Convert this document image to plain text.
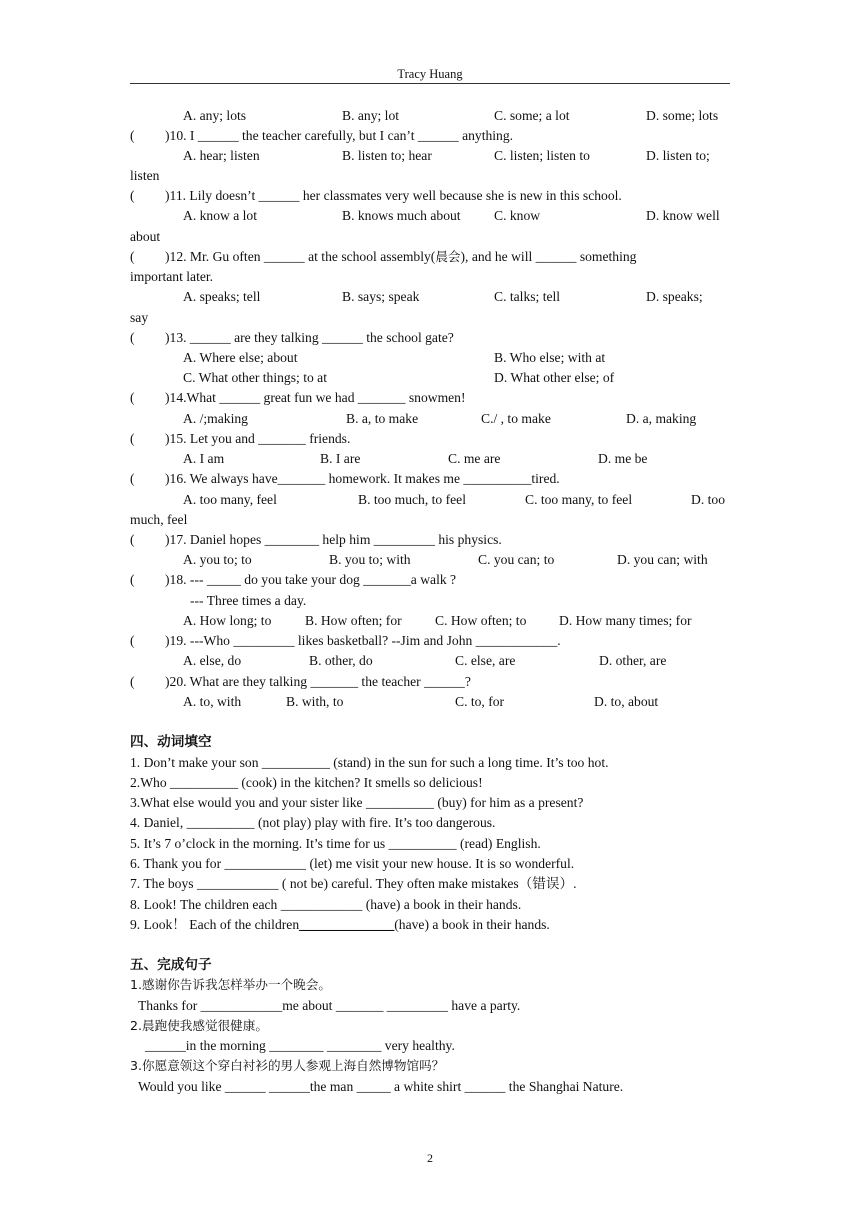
Tracy Huang
A. any; lots	B. any; lot	C. some; a lot	D. some; lots
( )10. I ______ the teacher carefully, but I can’t ______ anything.
A. hear; listen	B. listen to; hear	C. listen; listen to	D. listen to;
listen
( )11. Lily doesn’t ______ her classmates very well because she is new in this school.
A. know a lot	B. knows much about C. know	D. know well
about
( )12. Mr. Gu often ______ at the school assembly(晨会), and he will ______ something
important later.
A. speaks; tell	B. says; speak	C. talks; tell	D. speaks;
say
( )13. ______ are they talking ______ the school gate?
A. Where else; about	B. Who else; with at
C. What other things; to at	D. What other else; of
( )14.What ______ great fun we had _______ snowmen!
A. /;making	B. a, to make	C./ , to make	D. a, making
( )15. Let you and _______ friends.
A. I am	B. I are	C. me are	D. me be
( )16. We always have_______ homework. It makes me __________tired.
A. too many, feel	B. too much, to feel	C. too many, to feel	D. too
much, feel
( )17. Daniel hopes ________ help him _________ his physics.
A. you to; to	B. you to; with	C. you can; to	D. you can; with
( )18. --- _____ do you take your dog _______a walk ?
--- Three times a day.
A. How long; to B. How often; for C. How often; to D. How many times; for
( )19. ---Who _________ likes basketball? --Jim and John ____________.
A. else, do	B. other, do	C. else, are	D. other, are
( )20. What are they talking _______ the teacher ______?
A. to, with	B. with, to	C. to, for	D. to, about
四、动词填空
1. Don’t make your son __________ (stand) in the sun for such a long time. It’s too hot.
2.Who __________ (cook) in the kitchen? It smells so delicious!
3.What else would you and your sister like __________ (buy) for him as a present?
4. Daniel, __________ (not play) play with fire. It’s too dangerous.
5. It’s 7 o’clock in the morning. It’s time for us __________ (read) English.
6. Thank you for ____________ (let) me visit your new house. It is so wonderful.
7. The boys ____________ ( not be) careful. They often make mistakes（错误）.
8. Look! The children each ____________ (have) a book in their hands.
9. Look！ Each of the children______________(have) a book in their hands.
五、完成句子
1.感谢你告诉我怎样举办一个晚会。
Thanks for ____________me about _______ _________ have a party.
2.晨跑使我感觉很健康。
______in the morning ________ ________ very healthy.
3.你愿意领这个穿白衬衫的男人参观上海自然博物馆吗？
Would you like ______ ______the man _____ a white shirt ______ the Shanghai Nature.
2
